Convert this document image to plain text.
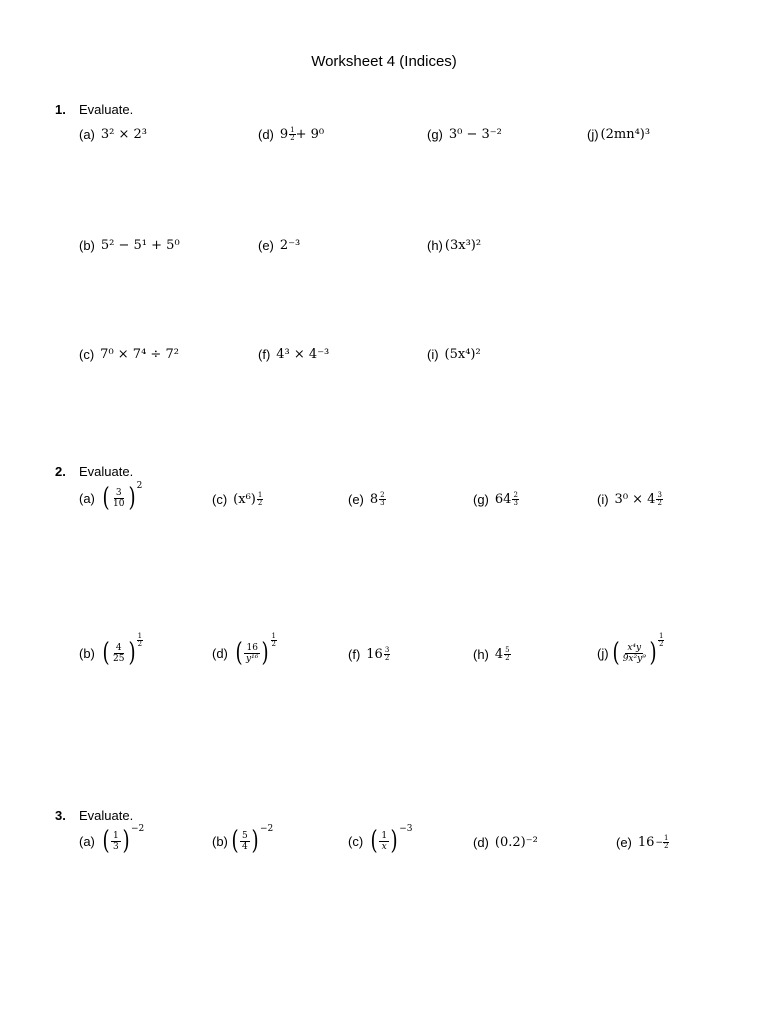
Worksheet 4 (Indices)
1. Evaluate.
(a) 3² × 2³	(d) $9 \frac{1}{2} + 9^0$	(g) 3⁰ − 3⁻²	(j) (2mn⁴)³
(b) 5² − 5¹ + 5⁰	(e) 2⁻³	(h) (3x³)²
(c) 7⁰ × 7⁴ ÷ 7²	(f) 4³ × 4⁻³	(i) (5x⁴)²
2. Evaluate.
(a) ( $\frac{3}{10}$ ) 2
(c) $(x^6) \frac{1}{2}$	(e) $8 \frac{2}{3}$	(g) $64 \frac{2}{3}$	(i) $3^0 \times 4 \frac{3}{2}$
(b) ( $\frac{4}{25}$ ) $\frac{1}{2}$
(d) ( $\frac{16}{\text{y¹⁶}}$ ) $\frac{1}{2}$
(f) $16 \frac{3}{2}$	(h) $4 \frac{5}{2}$	(j) ( $\frac{\text{x⁴y}}{\text{9x²y⁹}}$ ) $\frac{1}{2}$
3. Evaluate.
(a) ( $\frac{1}{3}$ ) −2
(b) ( $\frac{5}{4}$ ) −2
(c) ( $\frac{1}{x}$ ) −3
(d) (0.2)⁻²	(e) $16 - \frac{1}{2}$
